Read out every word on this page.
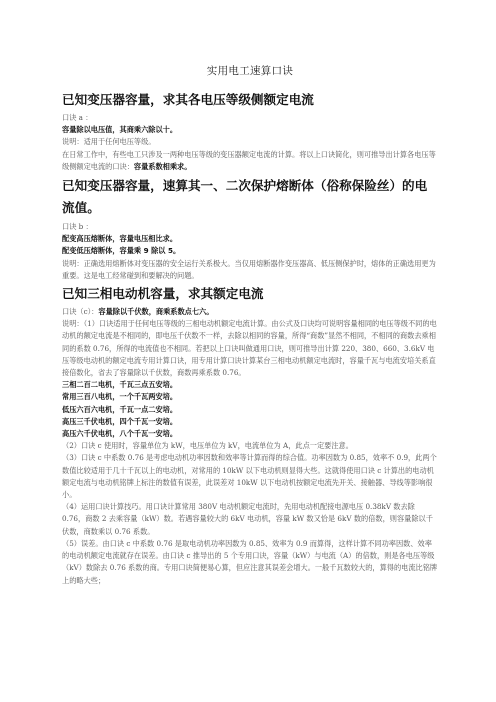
实用电工速算口诀
已知变压器容量，求其各电压等级侧额定电流

口诀 a ：

容量除以电压值，其商乘六除以十。

说明：适用于任何电压等级。

在日常工作中，有些电工只涉及一两种电压等级的变压器额定电流的计算。将以上口诀简化，则可推导出计算各电压等级侧额定电流的口诀：容量系数相乘求。

已知变压器容量，速算其一、二次保护熔断体（俗称保险丝）的电流值。

口诀 b ：

配变高压熔断体，容量电压相比求。

配变低压熔断体，容量乘 9 除以 5。

说明：正确选用熔断体对变压器的安全运行关系极大。当仅用熔断器作变压器高、低压侧保护时，熔体的正确选用更为重要。这是电工经常碰到和要解决的问题。

已知三相电动机容量，求其额定电流

口诀（c）：容量除以千伏数，商乘系数点七六。

说明：（1）口诀适用于任何电压等级的三相电动机额定电流计算。由公式及口诀均可说明容量相同的电压等级不同的电动机的额定电流是不相同的，即电压千伏数不一样，去除以相同的容量，所得“商数”显然不相同，不相同的商数去乘相同的系数 0.76，所得的电流值也不相同。若把以上口诀叫做通用口诀，则可推导出计算 220、380、660、3.6kV 电压等级电动机的额定电流专用计算口诀，用专用计算口诀计算某台三相电动机额定电流时，容量千瓦与电流安培关系直接倍数化，省去了容量除以千伏数，商数再乘系数 0.76。

三相二百二电机，千瓦三点五安培。

常用三百八电机，一个千瓦两安培。

低压六百六电机，千瓦一点二安培。

高压三千伏电机，四个千瓦一安培。

高压六千伏电机，八个千瓦一安培。

（2）口诀 c 使用时，容量单位为 kW，电压单位为 kV，电流单位为 A，此点一定要注意。

（3）口诀 c 中系数 0.76 是考虑电动机功率因数和效率等计算而得的综合值。功率因数为 0.85，效率不 0.9，此两个数值比较适用于几十千瓦以上的电动机，对常用的 10kW 以下电动机则显得大些。这就得使用口诀 c 计算出的电动机额定电流与电动机铭牌上标注的数值有误差，此误差对 10kW 以下电动机按额定电流先开关、接触器、导线等影响很小。

（4）运用口诀计算技巧。用口诀计算常用 380V 电动机额定电流时，先用电动机配接电源电压 0.38kV 数去除 0.76，商数 2 去乘容量（kW）数。若遇容量较大的 6kV 电动机，容量 kW 数又恰是 6kV 数的倍数，则容量除以千伏数，商数乘以 0.76 系数。

（5）误差。由口诀 c 中系数 0.76 是取电动机功率因数为 0.85、效率为 0.9 而算得，这样计算不同功率因数、效率的电动机额定电流就存在误差。由口诀 c 推导出的 5 个专用口诀，容量（kW）与电流（A）的倍数，则是各电压等级（kV）数除去 0.76 系数的商。专用口诀简便易心算，但应注意其误差会增大。一般千瓦数较大的，算得的电流比铭牌上的略大些；
